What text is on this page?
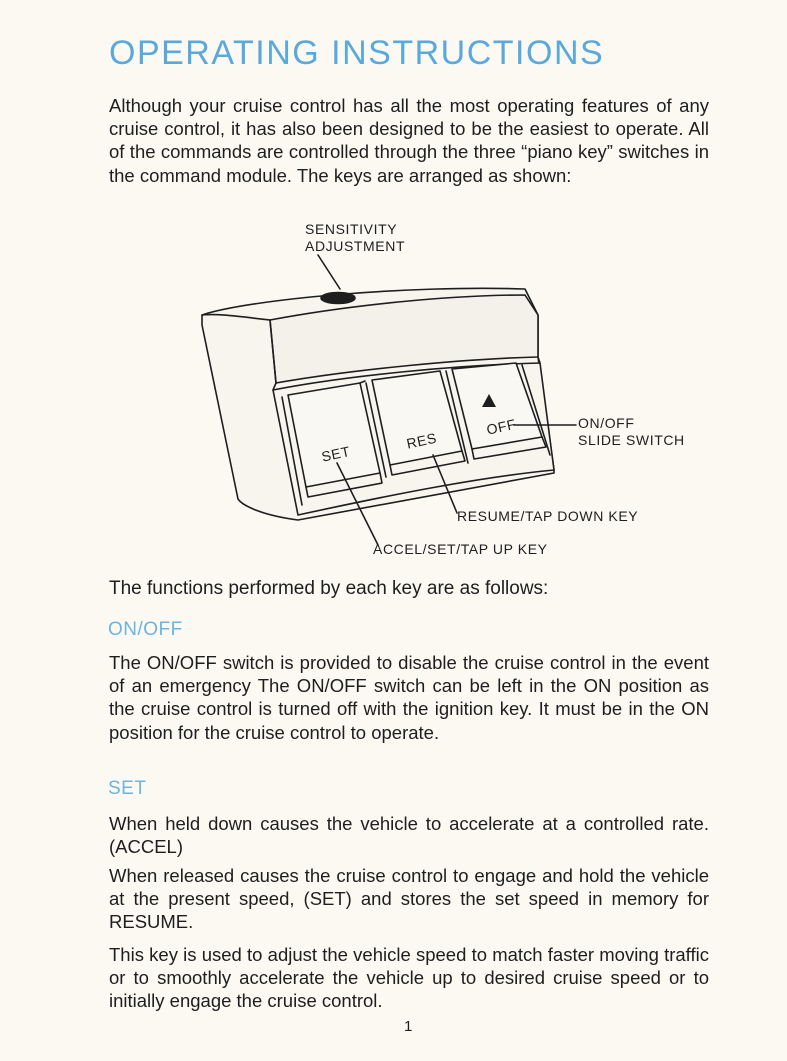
OPERATING INSTRUCTIONS

Although your cruise control has all the most operating features of any cruise control, it has also been designed to be the easiest to operate. All of the commands are controlled through the three “piano key” switches in the command module. The keys are arranged as shown:

SENSITIVITY

ADJUSTMENT

SET
RES
OFF	ON/OFF

SLIDE SWITCH

RESUME/TAP DOWN KEY

ACCEL/SET/TAP UP KEY

The functions performed by each key are as follows:

ON/OFF

The ON/OFF switch is provided to disable the cruise control in the event of an emergency The ON/OFF switch can be left in the ON position as the cruise control is turned off with the ignition key. It must be in the ON position for the cruise control to operate.

SET

When held down causes the vehicle to accelerate at a controlled rate. (ACCEL)

When released causes the cruise control to engage and hold the vehicle at the present speed, (SET) and stores the set speed in memory for RESUME.

This key is used to adjust the vehicle speed to match faster moving traffic or to smoothly accelerate the vehicle up to desired cruise speed or to initially engage the cruise control.

1
